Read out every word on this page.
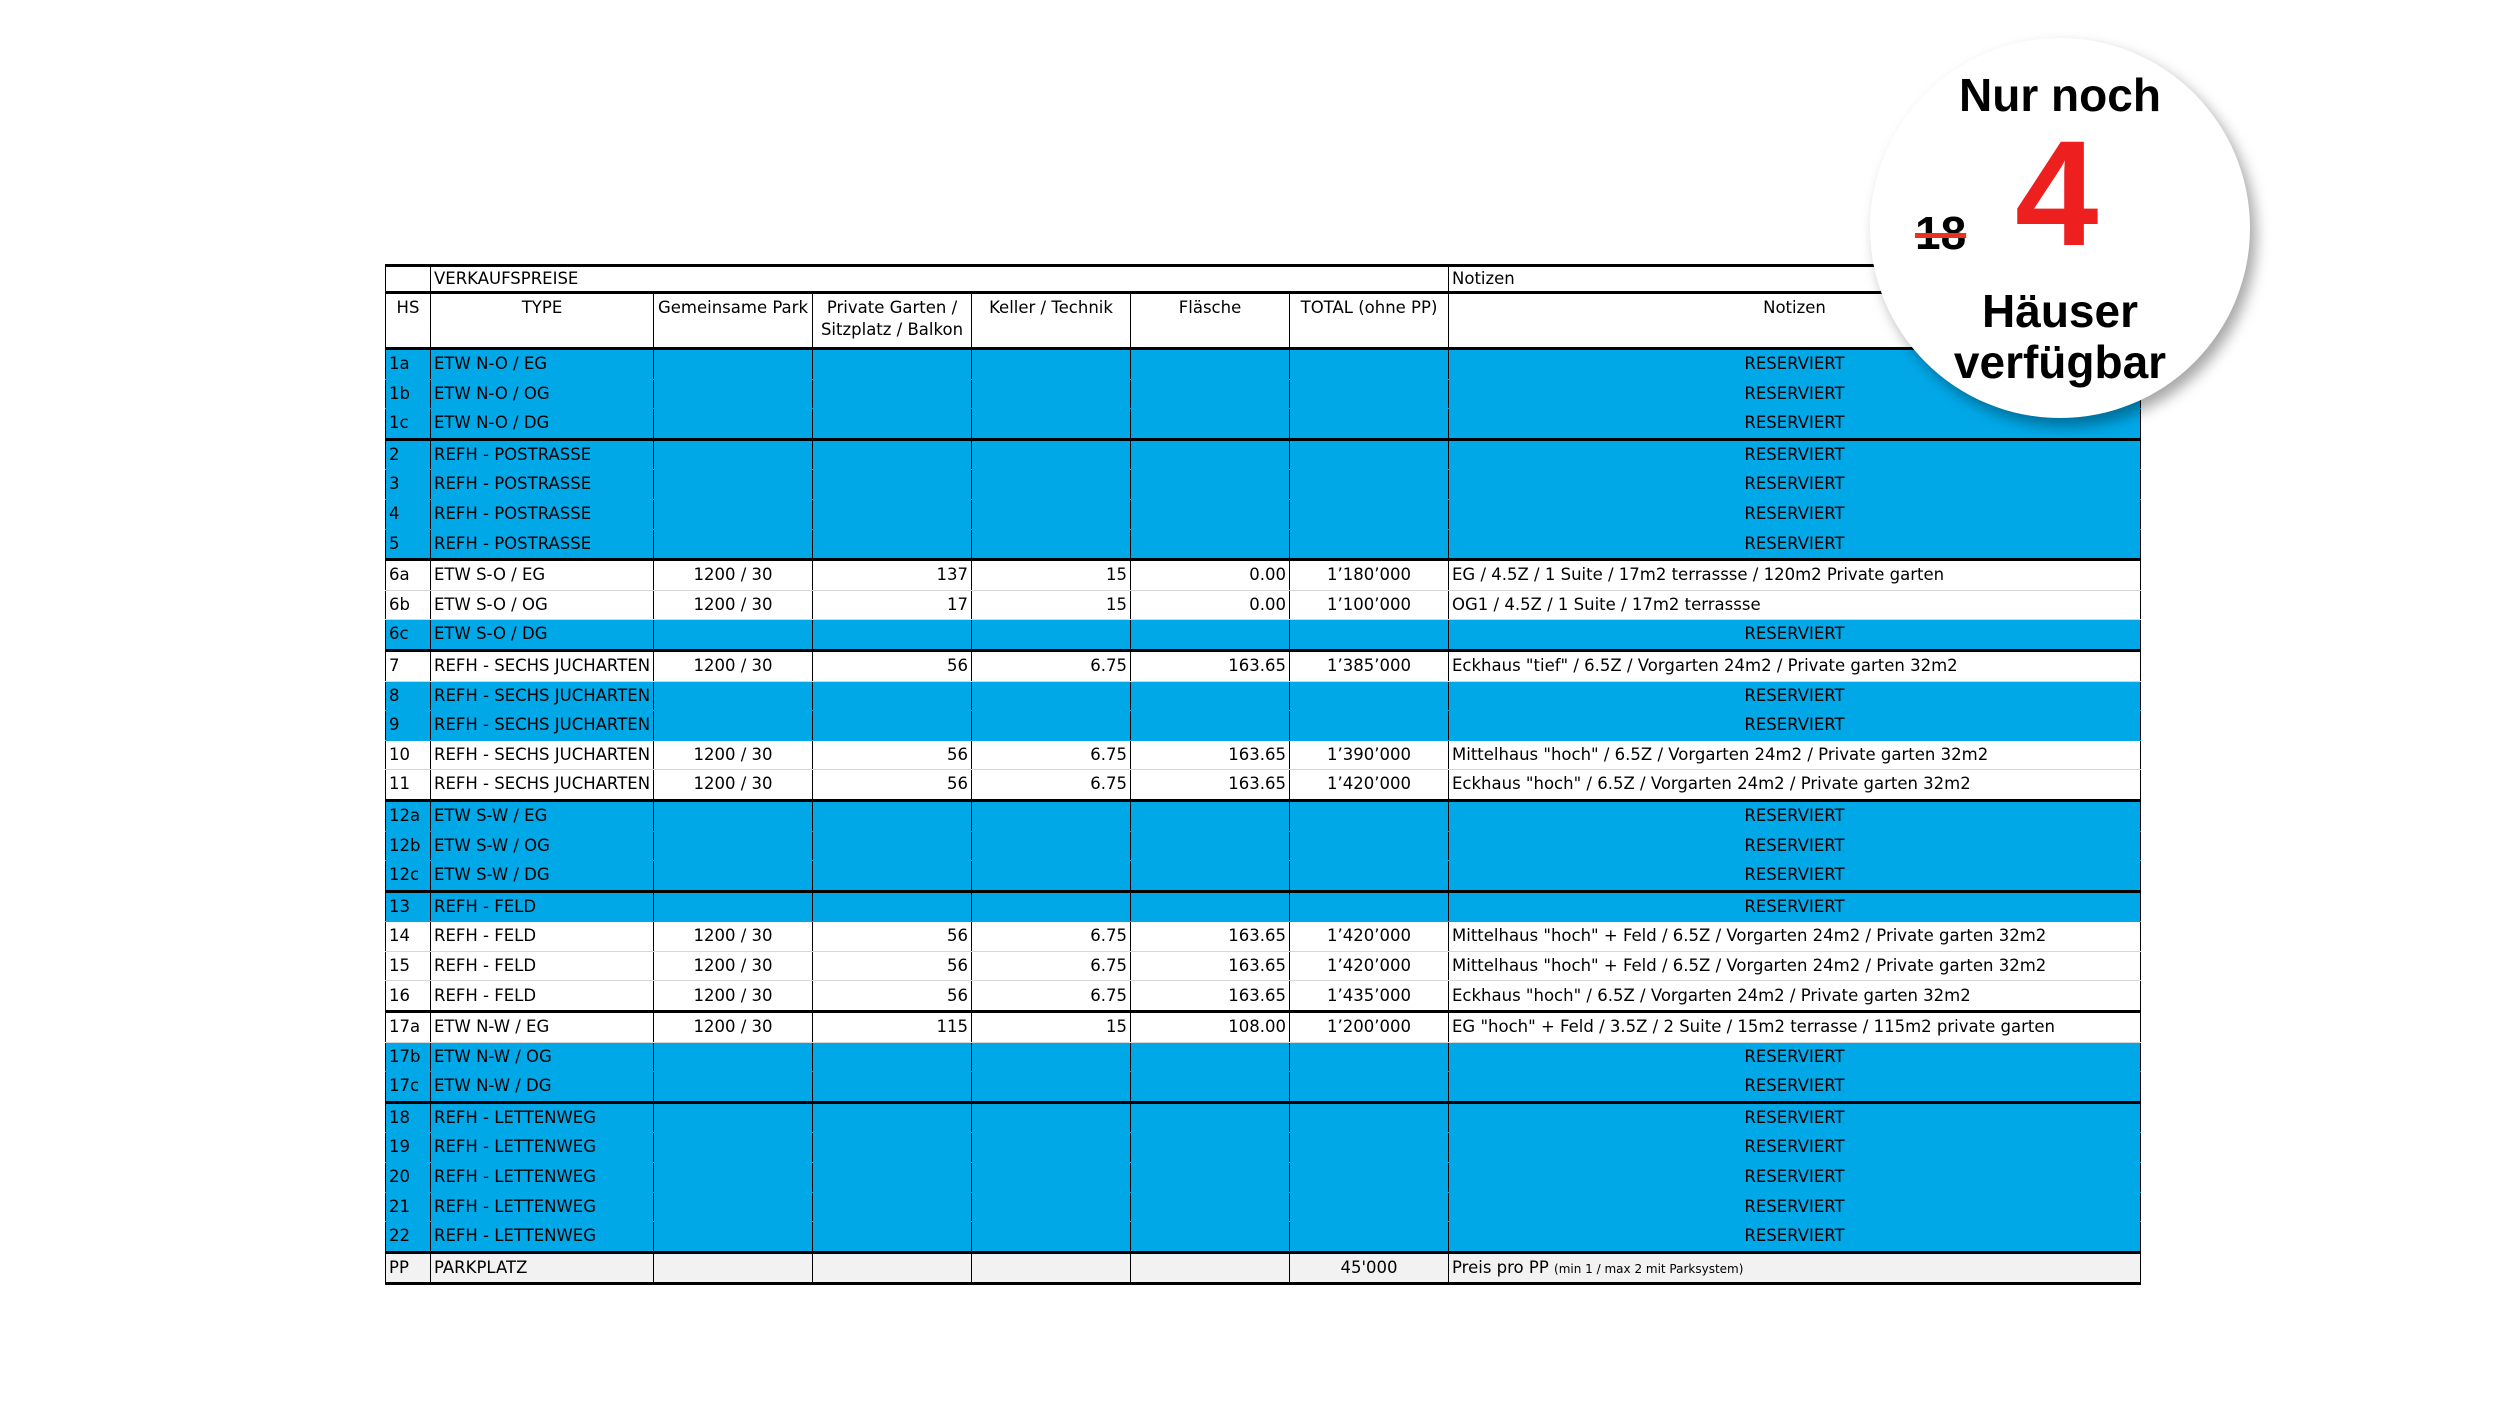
	VERKAUFSPREISE						Notizen
HS	TYPE	Gemeinsame Park	Private Garten / Sitzplatz / Balkon	Keller / Technik	Fläsche	TOTAL (ohne PP)	Notizen
1a	ETW N-O / EG						RESERVIERT
1b	ETW N-O / OG						RESERVIERT
1c	ETW N-O / DG						RESERVIERT
2	REFH - POSTRASSE						RESERVIERT
3	REFH - POSTRASSE						RESERVIERT
4	REFH - POSTRASSE						RESERVIERT
5	REFH - POSTRASSE						RESERVIERT
6a	ETW S-O / EG	1200 / 30	137	15	0.00	1’180’000	EG / 4.5Z / 1 Suite / 17m2 terrassse / 120m2 Private garten
6b	ETW S-O / OG	1200 / 30	17	15	0.00	1’100’000	OG1 / 4.5Z / 1 Suite / 17m2 terrassse
6c	ETW S-O / DG						RESERVIERT
7	REFH - SECHS JUCHARTEN	1200 / 30	56	6.75	163.65	1’385’000	Eckhaus "tief" / 6.5Z / Vorgarten 24m2 / Private garten 32m2
8	REFH - SECHS JUCHARTEN						RESERVIERT
9	REFH - SECHS JUCHARTEN						RESERVIERT
10	REFH - SECHS JUCHARTEN	1200 / 30	56	6.75	163.65	1’390’000	Mittelhaus "hoch" / 6.5Z / Vorgarten 24m2 / Private garten 32m2
11	REFH - SECHS JUCHARTEN	1200 / 30	56	6.75	163.65	1’420’000	Eckhaus "hoch" / 6.5Z / Vorgarten 24m2 / Private garten 32m2
12a	ETW S-W / EG						RESERVIERT
12b	ETW S-W / OG						RESERVIERT
12c	ETW S-W / DG						RESERVIERT
13	REFH - FELD						RESERVIERT
14	REFH - FELD	1200 / 30	56	6.75	163.65	1’420’000	Mittelhaus "hoch" + Feld / 6.5Z / Vorgarten 24m2 / Private garten 32m2
15	REFH - FELD	1200 / 30	56	6.75	163.65	1’420’000	Mittelhaus "hoch" + Feld / 6.5Z / Vorgarten 24m2 / Private garten 32m2
16	REFH - FELD	1200 / 30	56	6.75	163.65	1’435’000	Eckhaus "hoch" / 6.5Z / Vorgarten 24m2 / Private garten 32m2
17a	ETW N-W / EG	1200 / 30	115	15	108.00	1’200’000	EG "hoch" + Feld / 3.5Z / 2 Suite / 15m2 terrasse / 115m2 private garten
17b	ETW N-W / OG						RESERVIERT
17c	ETW N-W / DG						RESERVIERT
18	REFH - LETTENWEG						RESERVIERT
19	REFH - LETTENWEG						RESERVIERT
20	REFH - LETTENWEG						RESERVIERT
21	REFH - LETTENWEG						RESERVIERT
22	REFH - LETTENWEG						RESERVIERT
PP	PARKPLATZ					45'000	Preis pro PP (min 1 / max 2 mit Parksystem)
Nur noch
18 4
Häuser
verfügbar
